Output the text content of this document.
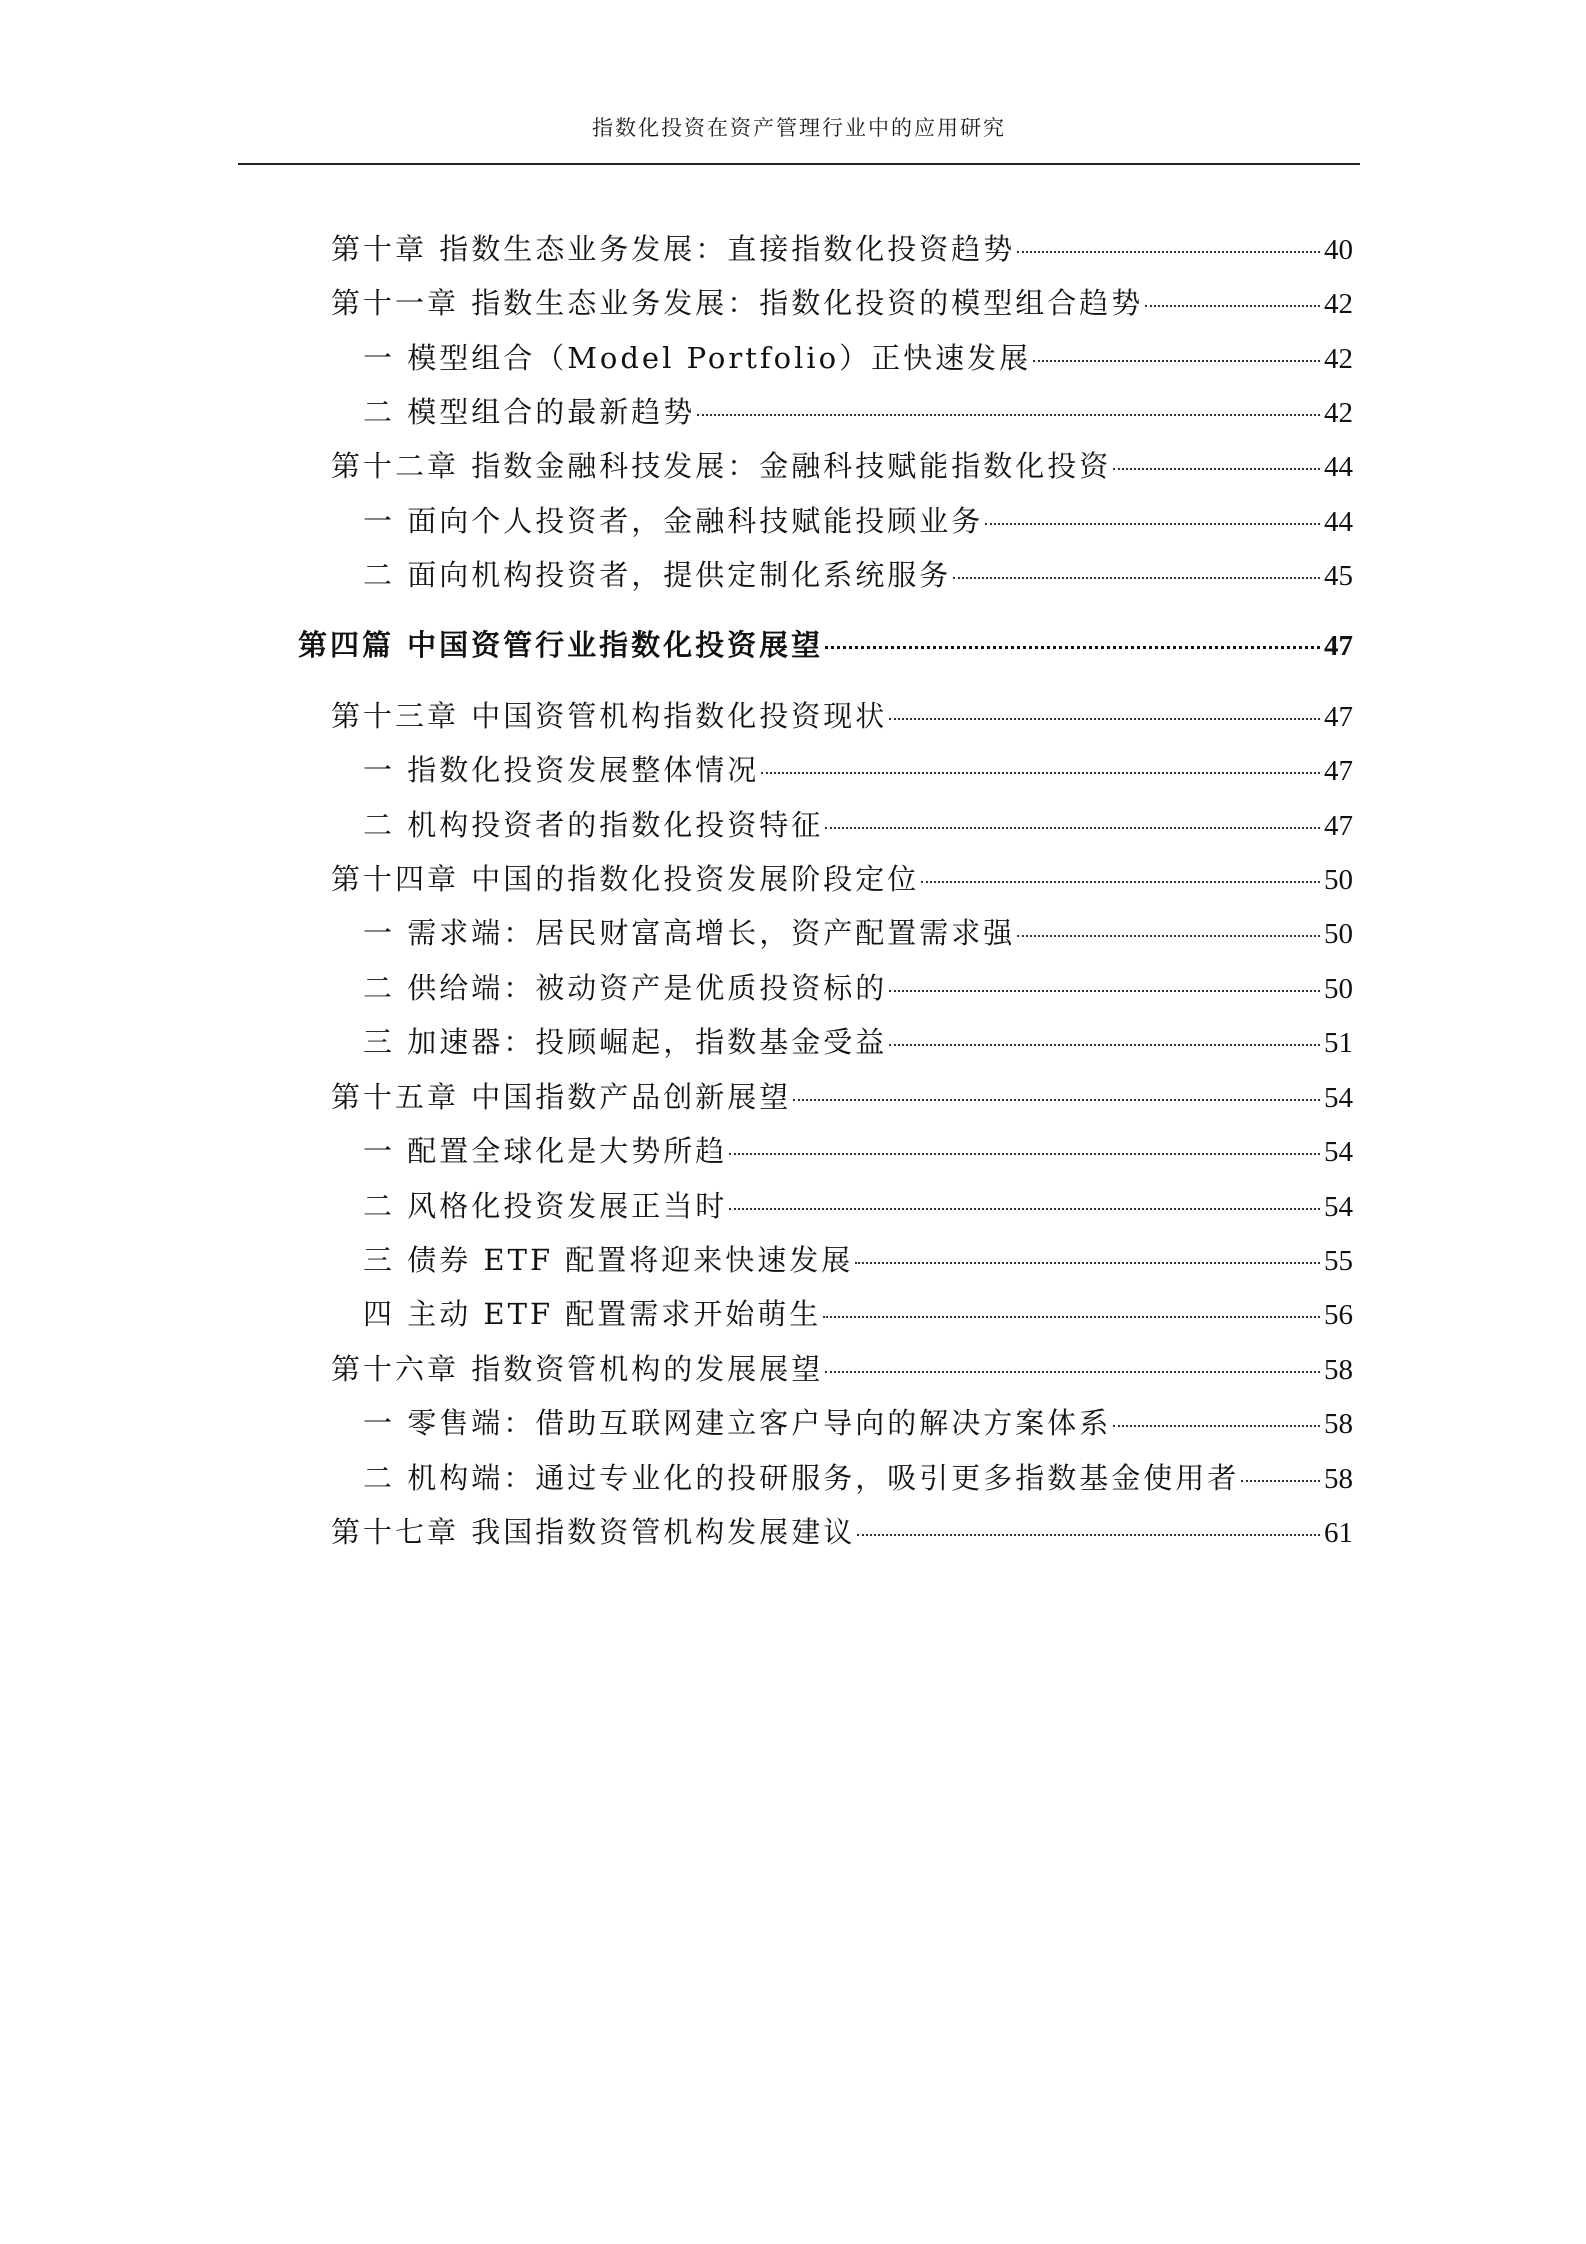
指数化投资在资产管理行业中的应用研究
第十章 指数生态业务发展：直接指数化投资趋势	40
第十一章 指数生态业务发展：指数化投资的模型组合趋势	42
一 模型组合（Model Portfolio）正快速发展	42
二 模型组合的最新趋势	42
第十二章 指数金融科技发展：金融科技赋能指数化投资	44
一 面向个人投资者，金融科技赋能投顾业务	44
二 面向机构投资者，提供定制化系统服务	45
第四篇 中国资管行业指数化投资展望	47
第十三章 中国资管机构指数化投资现状	47
一 指数化投资发展整体情况	47
二 机构投资者的指数化投资特征	47
第十四章 中国的指数化投资发展阶段定位	50
一 需求端：居民财富高增长，资产配置需求强	50
二 供给端：被动资产是优质投资标的	50
三 加速器：投顾崛起，指数基金受益	51
第十五章 中国指数产品创新展望	54
一 配置全球化是大势所趋	54
二 风格化投资发展正当时	54
三 债券 ETF 配置将迎来快速发展	55
四 主动 ETF 配置需求开始萌生	56
第十六章 指数资管机构的发展展望	58
一 零售端：借助互联网建立客户导向的解决方案体系	58
二 机构端：通过专业化的投研服务，吸引更多指数基金使用者	58
第十七章 我国指数资管机构发展建议	61
